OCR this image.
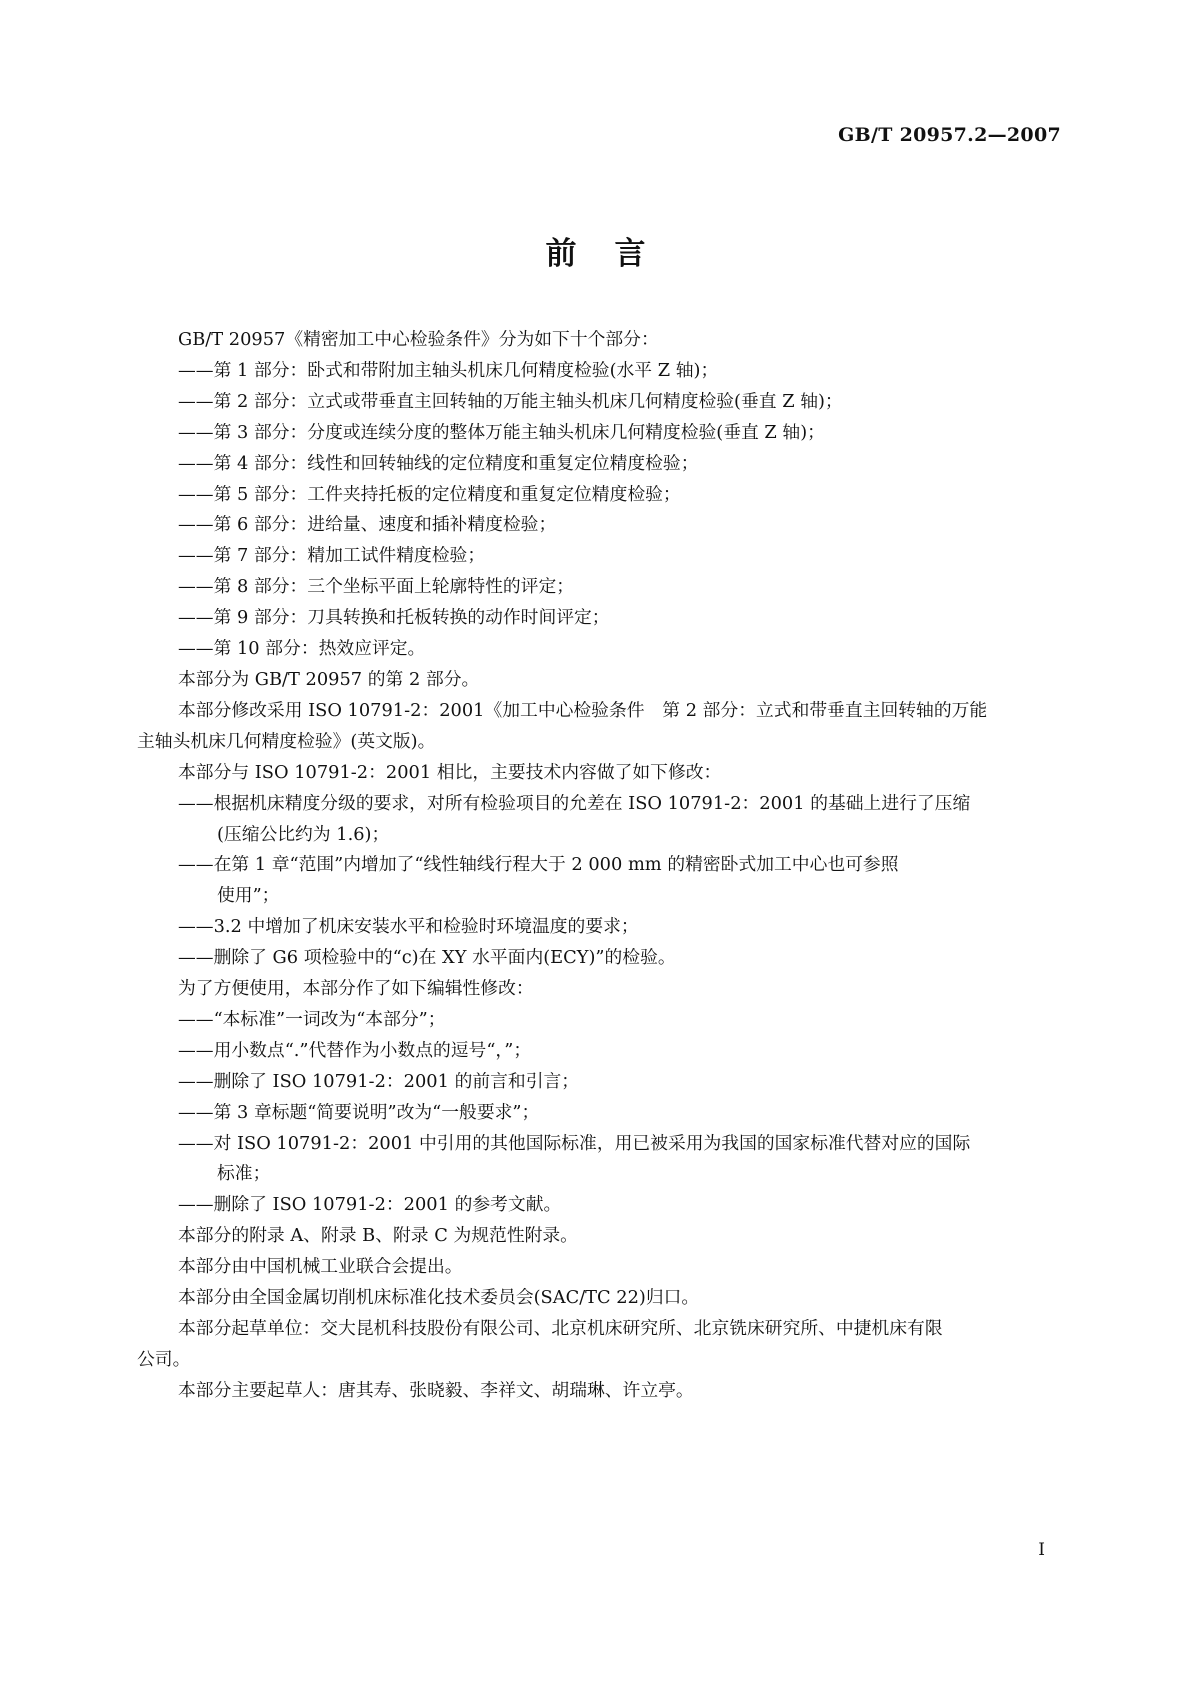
GB/T 20957.2—2007
前言
GB/T 20957《精密加工中心检验条件》分为如下十个部分：
——第 1 部分：卧式和带附加主轴头机床几何精度检验(水平 Z 轴)；
——第 2 部分：立式或带垂直主回转轴的万能主轴头机床几何精度检验(垂直 Z 轴)；
——第 3 部分：分度或连续分度的整体万能主轴头机床几何精度检验(垂直 Z 轴)；
——第 4 部分：线性和回转轴线的定位精度和重复定位精度检验；
——第 5 部分：工件夹持托板的定位精度和重复定位精度检验；
——第 6 部分：进给量、速度和插补精度检验；
——第 7 部分：精加工试件精度检验；
——第 8 部分：三个坐标平面上轮廓特性的评定；
——第 9 部分：刀具转换和托板转换的动作时间评定；
——第 10 部分：热效应评定。
本部分为 GB/T 20957 的第 2 部分。
本部分修改采用 ISO 10791-2：2001《加工中心检验条件　第 2 部分：立式和带垂直主回转轴的万能
主轴头机床几何精度检验》(英文版)。
本部分与 ISO 10791-2：2001 相比，主要技术内容做了如下修改：
——根据机床精度分级的要求，对所有检验项目的允差在 ISO 10791-2：2001 的基础上进行了压缩
(压缩公比约为 1.6)；
——在第 1 章“范围”内增加了“线性轴线行程大于 2 000 mm 的精密卧式加工中心也可参照
使用”；
——3.2 中增加了机床安装水平和检验时环境温度的要求；
——删除了 G6 项检验中的“c)在 XY 水平面内(ECY)”的检验。
为了方便使用，本部分作了如下编辑性修改：
——“本标准”一词改为“本部分”；
——用小数点“.”代替作为小数点的逗号“，”；
——删除了 ISO 10791-2：2001 的前言和引言；
——第 3 章标题“简要说明”改为“一般要求”；
——对 ISO 10791-2：2001 中引用的其他国际标准，用已被采用为我国的国家标准代替对应的国际
标准；
——删除了 ISO 10791-2：2001 的参考文献。
本部分的附录 A、附录 B、附录 C 为规范性附录。
本部分由中国机械工业联合会提出。
本部分由全国金属切削机床标准化技术委员会(SAC/TC 22)归口。
本部分起草单位：交大昆机科技股份有限公司、北京机床研究所、北京铣床研究所、中捷机床有限
公司。
本部分主要起草人：唐其寿、张晓毅、李祥文、胡瑞琳、许立亭。
I
